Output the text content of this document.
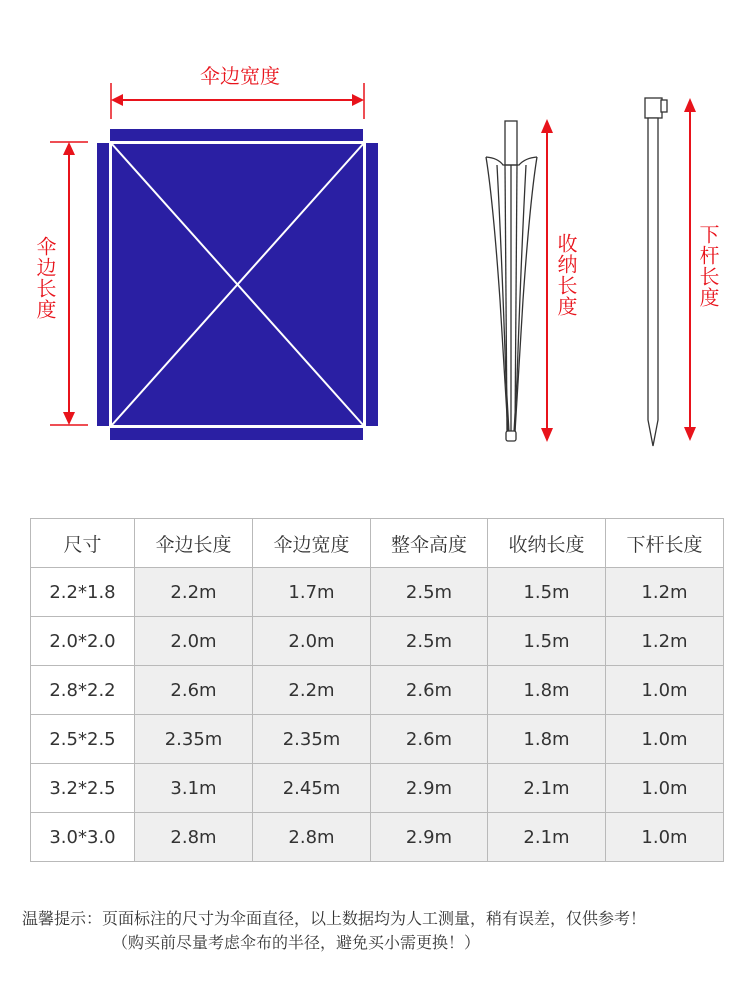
伞边宽度
伞边长度	收纳长度	下杆长度
尺寸	伞边长度	伞边宽度	整伞高度	收纳长度	下杆长度
2.2*1.8	2.2m	1.7m	2.5m	1.5m	1.2m
2.0*2.0	2.0m	2.0m	2.5m	1.5m	1.2m
2.8*2.2	2.6m	2.2m	2.6m	1.8m	1.0m
2.5*2.5	2.35m	2.35m	2.6m	1.8m	1.0m
3.2*2.5	3.1m	2.45m	2.9m	2.1m	1.0m
3.0*3.0	2.8m	2.8m	2.9m	2.1m	1.0m
温馨提示：页面标注的尺寸为伞面直径，以上数据均为人工测量，稍有误差，仅供参考！
（购买前尽量考虑伞布的半径，避免买小需更换！）
